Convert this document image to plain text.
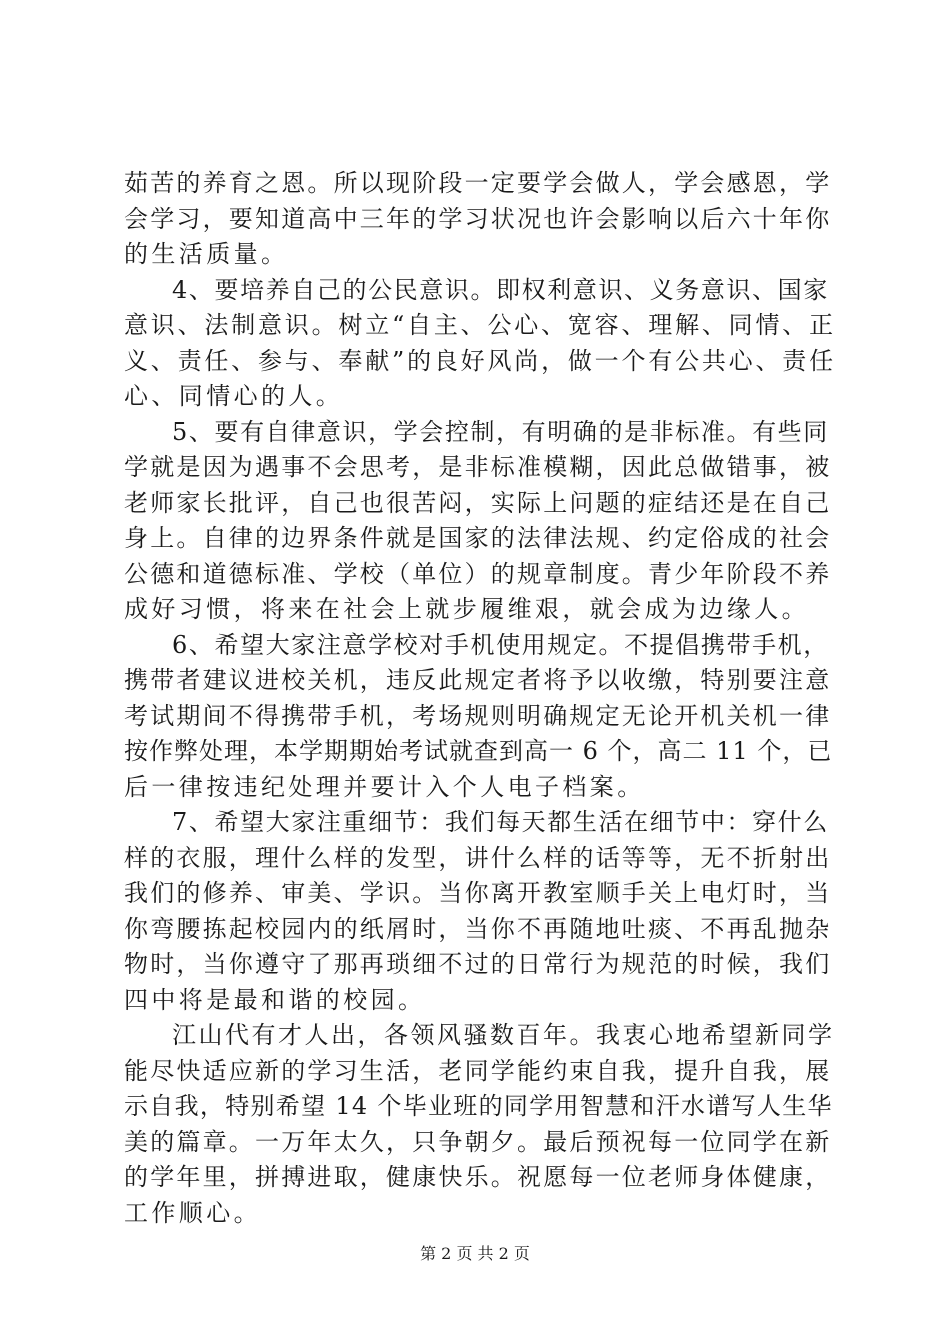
茹苦的养育之恩。所以现阶段一定要学会做人，学会感恩，学
会学习，要知道高中三年的学习状况也许会影响以后六十年你
的生活质量。
4、要培养自己的公民意识。即权利意识、义务意识、国家
意识、法制意识。树立“自主、公心、宽容、理解、同情、正
义、责任、参与、奉献”的良好风尚，做一个有公共心、责任
心、同情心的人。
5、要有自律意识，学会控制，有明确的是非标准。有些同
学就是因为遇事不会思考，是非标准模糊，因此总做错事，被
老师家长批评，自己也很苦闷，实际上问题的症结还是在自己
身上。自律的边界条件就是国家的法律法规、约定俗成的社会
公德和道德标准、学校（单位）的规章制度。青少年阶段不养
成好习惯，将来在社会上就步履维艰，就会成为边缘人。
6、希望大家注意学校对手机使用规定。不提倡携带手机，
携带者建议进校关机，违反此规定者将予以收缴，特别要注意
考试期间不得携带手机，考场规则明确规定无论开机关机一律
按作弊处理，本学期期始考试就查到高一 6 个，高二 11 个，已
后一律按违纪处理并要计入个人电子档案。
7、希望大家注重细节：我们每天都生活在细节中：穿什么
样的衣服，理什么样的发型，讲什么样的话等等，无不折射出
我们的修养、审美、学识。当你离开教室顺手关上电灯时，当
你弯腰拣起校园内的纸屑时，当你不再随地吐痰、不再乱抛杂
物时，当你遵守了那再琐细不过的日常行为规范的时候，我们
四中将是最和谐的校园。
江山代有才人出，各领风骚数百年。我衷心地希望新同学
能尽快适应新的学习生活，老同学能约束自我，提升自我，展
示自我，特别希望 14 个毕业班的同学用智慧和汗水谱写人生华
美的篇章。一万年太久，只争朝夕。最后预祝每一位同学在新
的学年里，拼搏进取，健康快乐。祝愿每一位老师身体健康，
工作顺心。
第 2 页 共 2 页
